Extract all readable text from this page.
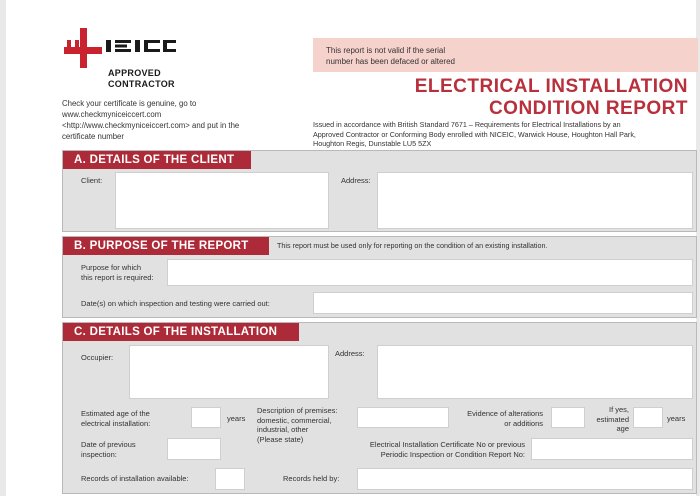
APPROVED
CONTRACTOR
Check your certificate is genuine, go to
www.checkmyniceiccert.com
<http://www.checkmyniceiccert.com> and put in the
certificate number
This report is not valid if the serial
number has been defaced or altered
ELECTRICAL INSTALLATION
CONDITION REPORT
Issued in accordance with British Standard 7671 – Requirements for Electrical Installations by an
Approved Contractor or Conforming Body enrolled with NICEIC, Warwick House, Houghton Hall Park,
Houghton Regis, Dunstable LU5 5ZX
A. DETAILS OF THE CLIENT
Client:	Address:
B. PURPOSE OF THE REPORT	This report must be used only for reporting on the condition of an existing installation.
Purpose for which
this report is required:
Date(s) on which inspection and testing were carried out:
C. DETAILS OF THE INSTALLATION
Occupier:	Address:
Estimated age of the
electrical installation:	years
Description of premises:
domestic, commercial,
industrial, other
(Please state)
Evidence of alterations
or additions
If yes,
estimated
age
years
Date of previous
inspection:
Electrical Installation Certificate No or previous
Periodic Inspection or Condition Report No:
Records of installation available:	Records held by:
